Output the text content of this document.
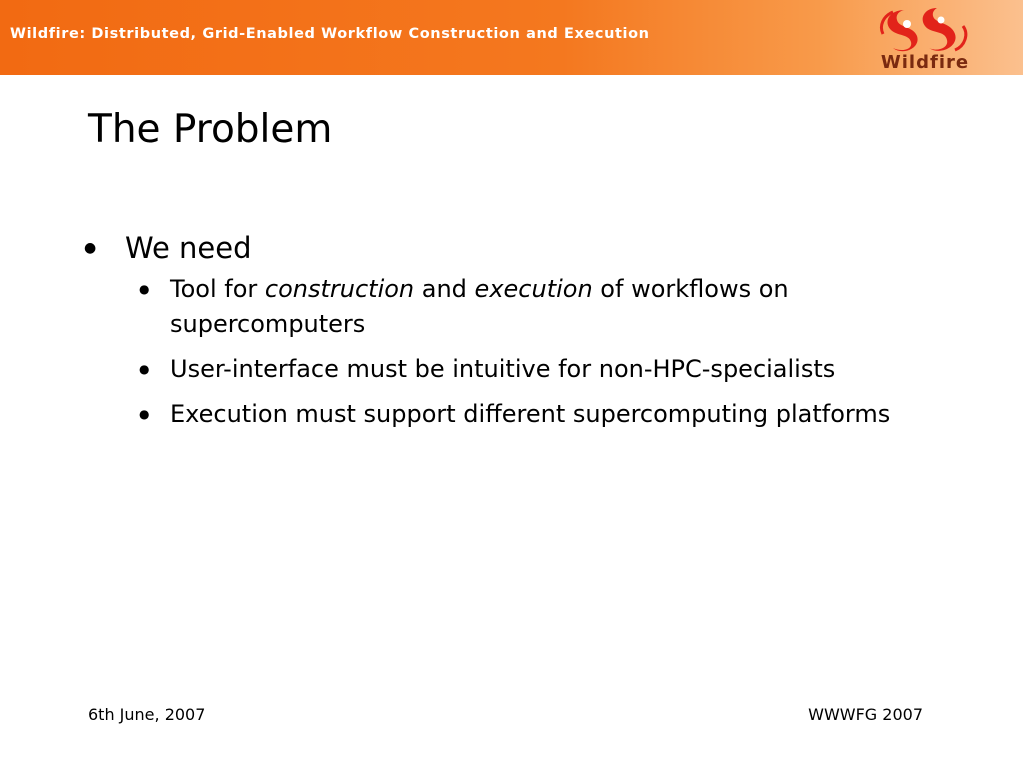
Wildfire: Distributed, Grid-Enabled Workflow Construction and Execution
Wildfire
The Problem
● We need
● Tool for construction and execution of workflows on supercomputers
● User-interface must be intuitive for non-HPC-specialists
● Execution must support different supercomputing platforms
6th June, 2007	WWWFG 2007
